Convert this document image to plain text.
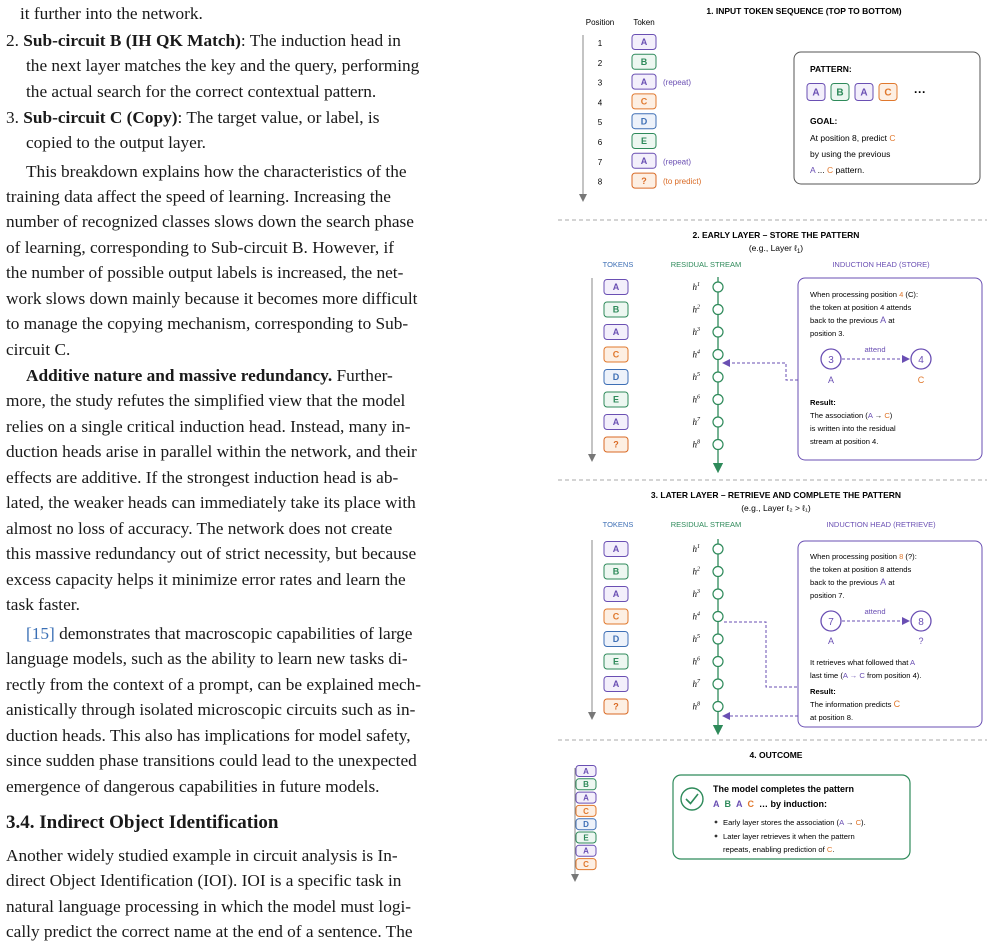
it further into the network.
2. Sub-circuit B (IH QK Match): The induction head in
the next layer matches the key and the query, performing
the actual search for the correct contextual pattern.
3. Sub-circuit C (Copy): The target value, or label, is
copied to the output layer.
This breakdown explains how the characteristics of the
training data affect the speed of learning. Increasing the
number of recognized classes slows down the search phase
of learning, corresponding to Sub-circuit B. However, if
the number of possible output labels is increased, the net-
work slows down mainly because it becomes more difficult
to manage the copying mechanism, corresponding to Sub-
circuit C.
Additive nature and massive redundancy. Further-
more, the study refutes the simplified view that the model
relies on a single critical induction head. Instead, many in-
duction heads arise in parallel within the network, and their
effects are additive. If the strongest induction head is ab-
lated, the weaker heads can immediately take its place with
almost no loss of accuracy. The network does not create
this massive redundancy out of strict necessity, but because
excess capacity helps it minimize error rates and learn the
task faster.
[15] demonstrates that macroscopic capabilities of large
language models, such as the ability to learn new tasks di-
rectly from the context of a prompt, can be explained mech-
anistically through isolated microscopic circuits such as in-
duction heads. This also has implications for model safety,
since sudden phase transitions could lead to the unexpected
emergence of dangerous capabilities in future models.
3.4. Indirect Object Identification
Another widely studied example in circuit analysis is In-
direct Object Identification (IOI). IOI is a specific task in
natural language processing in which the model must logi-
cally predict the correct name at the end of a sentence. The
1. INPUT TOKEN SEQUENCE (TOP TO BOTTOM)
Position Token
1	A
2	B
3	A (repeat)
4	C
5	D
6	E
7	A (repeat)
8	? (to predict)
PATTERN:
A B A C ···
GOAL:
At position 8, predict C
by using the previous
A ... C pattern.
2. EARLY LAYER – STORE THE PATTERN
(e.g., Layer ℓ$_1$)
TOKENS	RESIDUAL STREAM	INDUCTION HEAD (STORE)
A
B
A
C
D
E
A
?
$h^1$
$h^2$
$h^3$
$h^4$
$h^5$
$h^6$
$h^7$
$h^8$
When processing position 4 (C):
the token at position 4 attends
back to the previous A at
position 3.
3	4
attend
A	C
Result:
The association (A → C)
is written into the residual
stream at position 4.
3. LATER LAYER – RETRIEVE AND COMPLETE THE PATTERN
(e.g., Layer ℓ₂ > ℓ₁)
TOKENS	RESIDUAL STREAM	INDUCTION HEAD (RETRIEVE)
A
B
A
C
D
E
A
?
$h^1$
$h^2$
$h^3$
$h^4$
$h^5$
$h^6$
$h^7$
$h^8$
When processing position 8 (?):
the token at position 8 attends
back to the previous A at
position 7.
7	8
attend
A	?
It retrieves what followed that A
last time (A → C from position 4).
Result:
The information predicts C
at position 8.
4. OUTCOME
A
B
A
C
D
E
A
C
The model completes the pattern
A B A C … by induction:
Early layer stores the association (A → C).
Later layer retrieves it when the pattern
repeats, enabling prediction of C.
